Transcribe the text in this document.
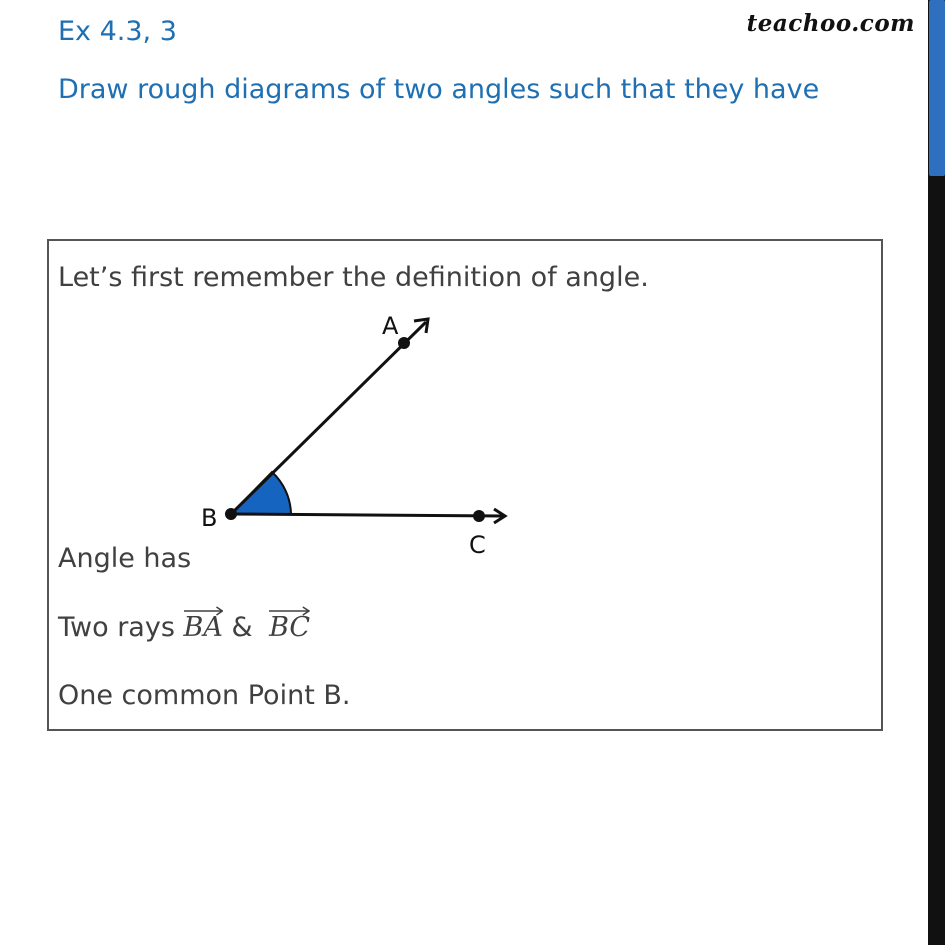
Ex 4.3, 3	teachoo.com
Draw rough diagrams of two angles such that they have
Let’s first remember the definition of angle.
A
B
C
Angle has
Two rays BA & BC
One common Point B.
